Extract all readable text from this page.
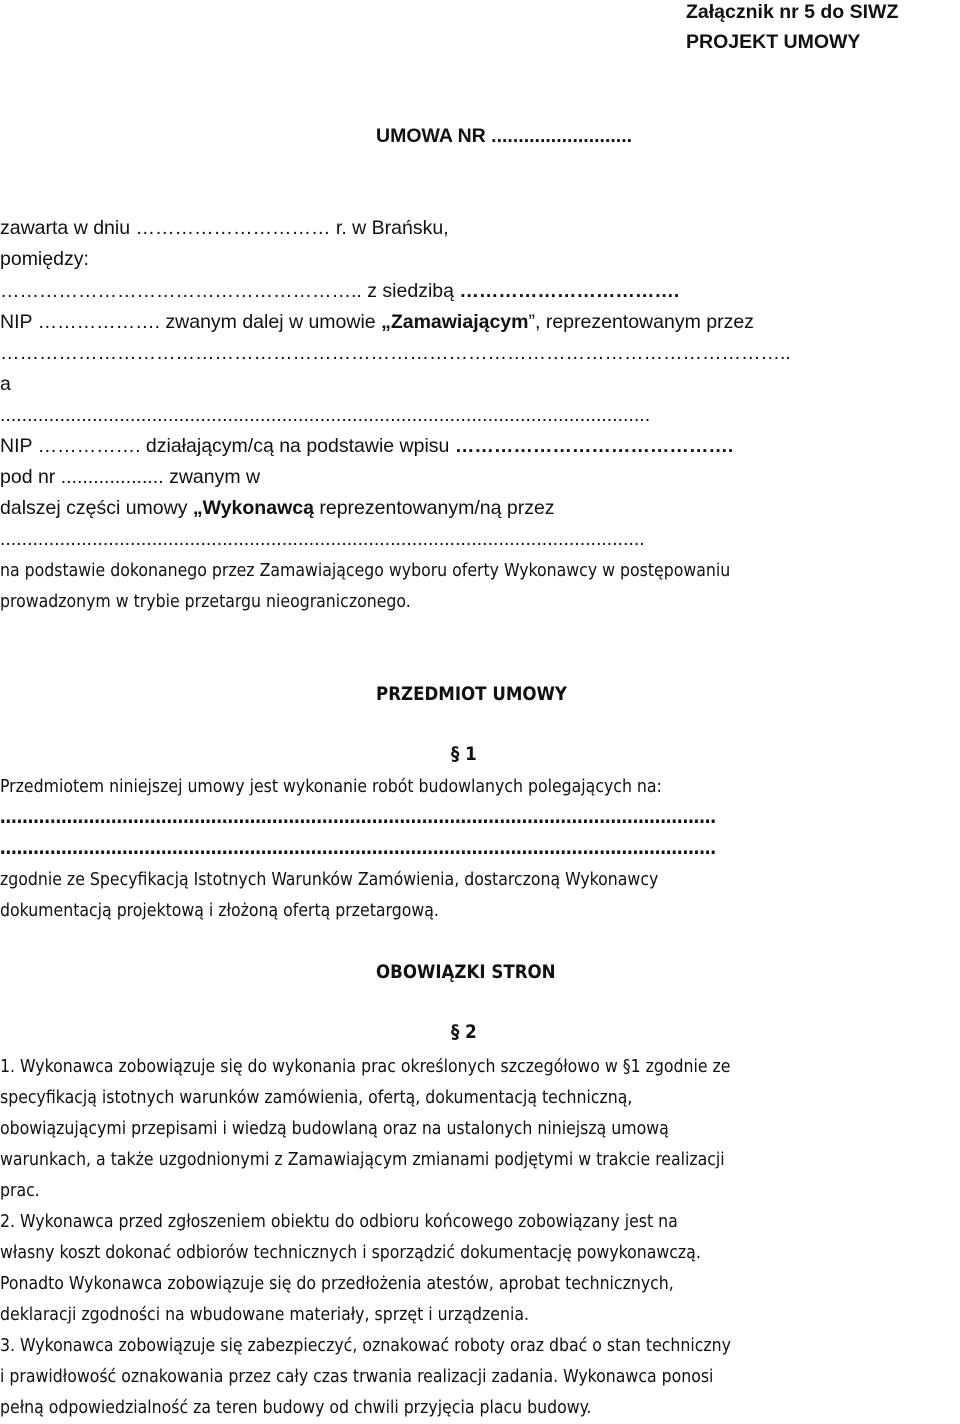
Załącznik nr 5 do SIWZ
PROJEKT UMOWY
UMOWA NR ..........................
zawarta w dniu ………………………… r. w Brańsku,
pomiędzy:
……………………………………………….. z siedzibą …………………………….
NIP ………………. zwanym dalej w umowie „Zamawiającym”, reprezentowanym przez
…………………………………………………………………………………………………………..
a
........................................................................................................................
NIP ……………. działającym/cą na podstawie wpisu …………………………………….
pod nr ................... zwanym w
dalszej części umowy „Wykonawcą reprezentowanym/ną przez
.......................................................................................................................
na podstawie dokonanego przez Zamawiającego wyboru oferty Wykonawcy w postępowaniu
prowadzonym w trybie przetargu nieograniczonego.
PRZEDMIOT UMOWY
§ 1
Przedmiotem niniejszej umowy jest wykonanie robót budowlanych polegających na:
…………………………………………………………………………………………………………………
…………………………………………………………………………………………………………………
zgodnie ze Specyfikacją Istotnych Warunków Zamówienia, dostarczoną Wykonawcy
dokumentacją projektową i złożoną ofertą przetargową.
OBOWIĄZKI STRON
§ 2
1. Wykonawca zobowiązuje się do wykonania prac określonych szczegółowo w §1 zgodnie ze
specyfikacją istotnych warunków zamówienia, ofertą, dokumentacją techniczną,
obowiązującymi przepisami i wiedzą budowlaną oraz na ustalonych niniejszą umową
warunkach, a także uzgodnionymi z Zamawiającym zmianami podjętymi w trakcie realizacji
prac.
2. Wykonawca przed zgłoszeniem obiektu do odbioru końcowego zobowiązany jest na
własny koszt dokonać odbiorów technicznych i sporządzić dokumentację powykonawczą.
Ponadto Wykonawca zobowiązuje się do przedłożenia atestów, aprobat technicznych,
deklaracji zgodności na wbudowane materiały, sprzęt i urządzenia.
3. Wykonawca zobowiązuje się zabezpieczyć, oznakować roboty oraz dbać o stan techniczny
i prawidłowość oznakowania przez cały czas trwania realizacji zadania. Wykonawca ponosi
pełną odpowiedzialność za teren budowy od chwili przyjęcia placu budowy.
